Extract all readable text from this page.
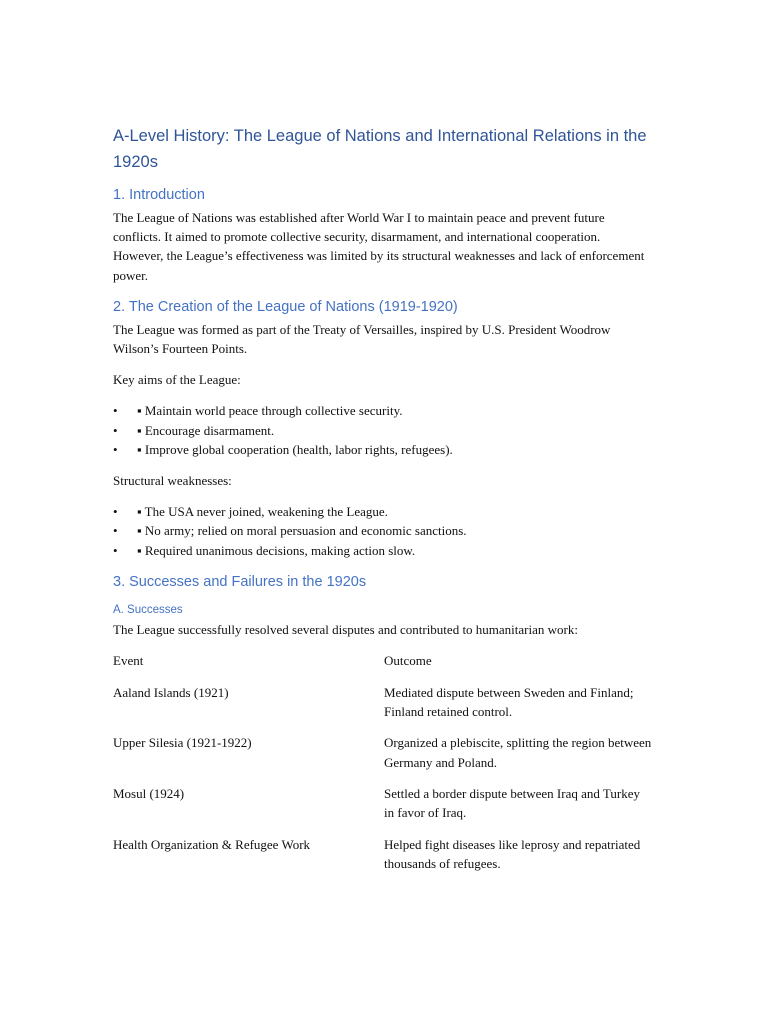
A-Level History: The League of Nations and International Relations in the 1920s
1. Introduction

The League of Nations was established after World War I to maintain peace and prevent future conflicts. It aimed to promote collective security, disarmament, and international cooperation. However, the League’s effectiveness was limited by its structural weaknesses and lack of enforcement power.

2. The Creation of the League of Nations (1919-1920)

The League was formed as part of the Treaty of Versailles, inspired by U.S. President Woodrow Wilson’s Fourteen Points.

Key aims of the League:

• ▪ Maintain world peace through collective security.
• ▪ Encourage disarmament.
• ▪ Improve global cooperation (health, labor rights, refugees).

Structural weaknesses:

• ▪ The USA never joined, weakening the League.
• ▪ No army; relied on moral persuasion and economic sanctions.
• ▪ Required unanimous decisions, making action slow.
3. Successes and Failures in the 1920s
A. Successes

The League successfully resolved several disputes and contributed to humanitarian work:

Event	Outcome
Aaland Islands (1921)	Mediated dispute between Sweden and Finland; Finland retained control.
Upper Silesia (1921-1922)	Organized a plebiscite, splitting the region between Germany and Poland.
Mosul (1924)	Settled a border dispute between Iraq and Turkey in favor of Iraq.
Health Organization & Refugee Work	Helped fight diseases like leprosy and repatriated thousands of refugees.
